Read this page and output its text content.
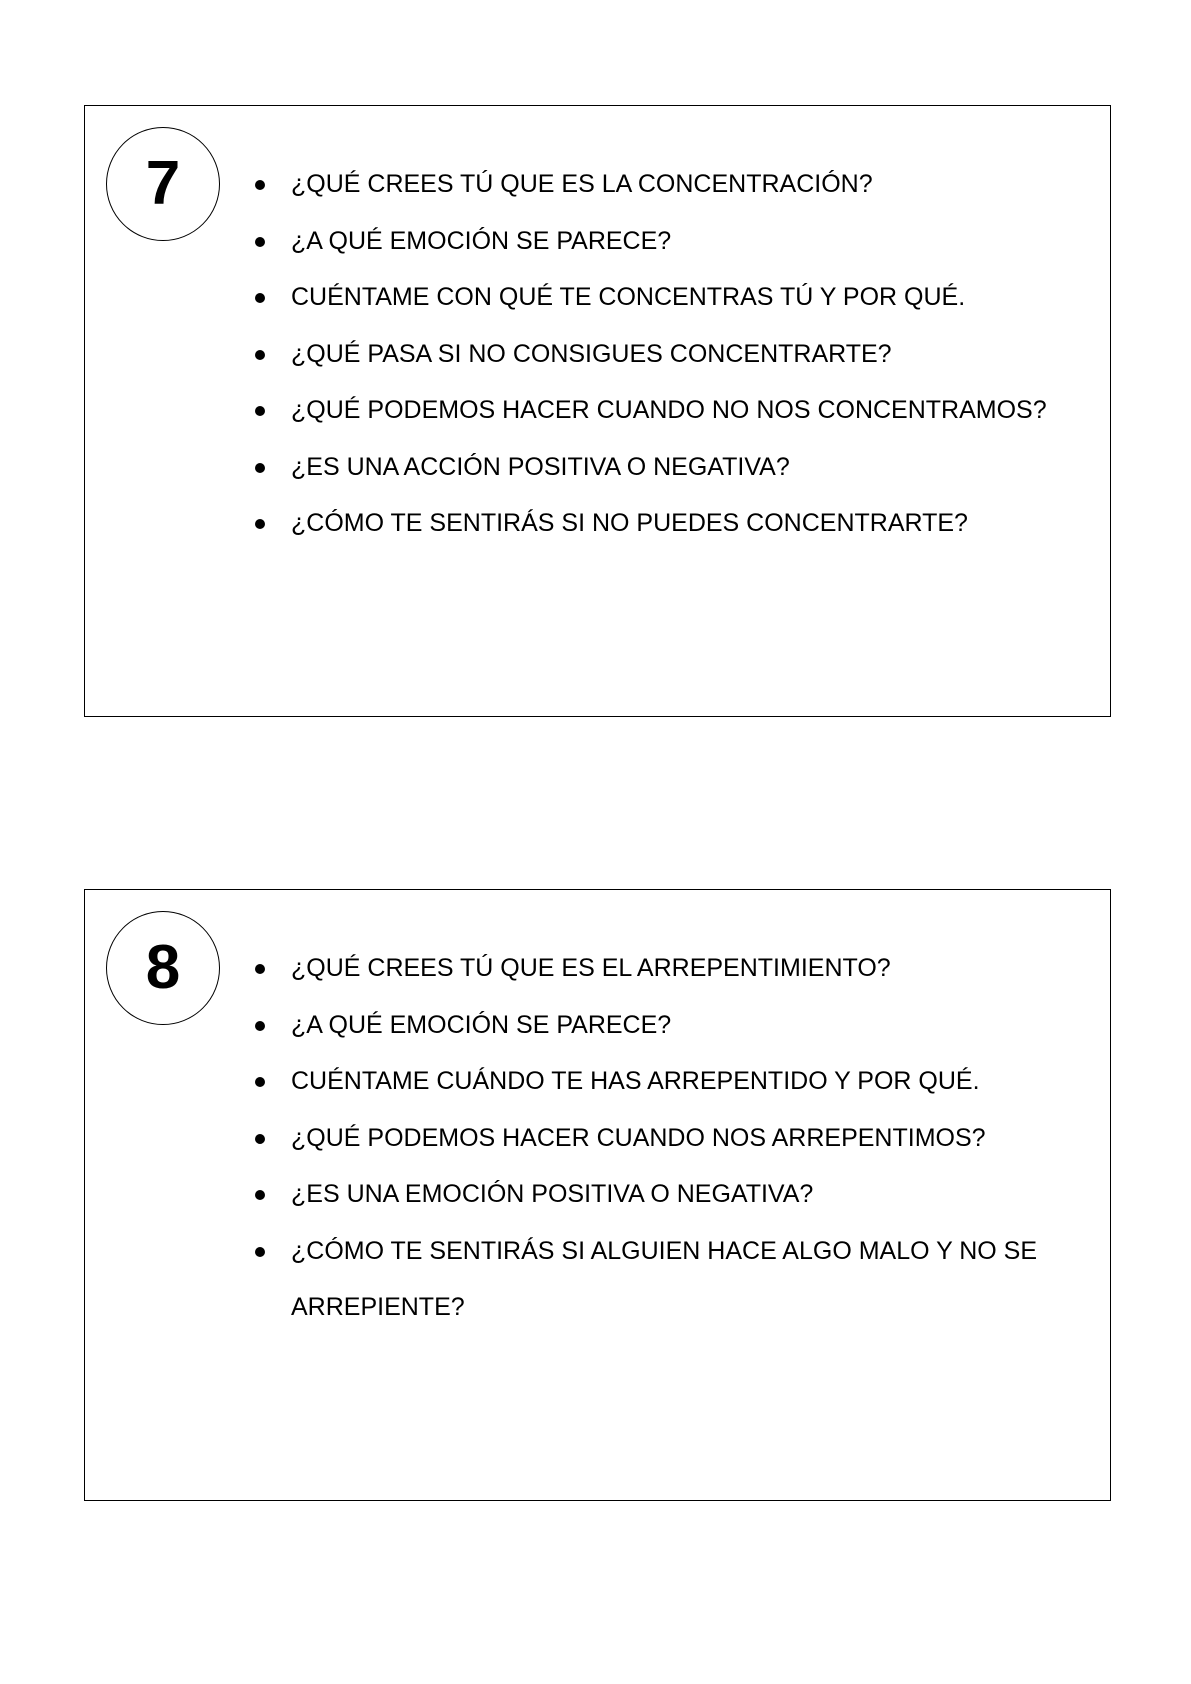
7	¿QUÉ CREES TÚ QUE ES LA CONCENTRACIÓN?
¿A QUÉ EMOCIÓN SE PARECE?
CUÉNTAME CON QUÉ TE CONCENTRAS TÚ Y POR QUÉ.
¿QUÉ PASA SI NO CONSIGUES CONCENTRARTE?
¿QUÉ PODEMOS HACER CUANDO NO NOS CONCENTRAMOS?
¿ES UNA ACCIÓN POSITIVA O NEGATIVA?
¿CÓMO TE SENTIRÁS SI NO PUEDES CONCENTRARTE?
8	¿QUÉ CREES TÚ QUE ES EL ARREPENTIMIENTO?
¿A QUÉ EMOCIÓN SE PARECE?
CUÉNTAME CUÁNDO TE HAS ARREPENTIDO Y POR QUÉ.
¿QUÉ PODEMOS HACER CUANDO NOS ARREPENTIMOS?
¿ES UNA EMOCIÓN POSITIVA O NEGATIVA?
¿CÓMO TE SENTIRÁS SI ALGUIEN HACE ALGO MALO Y NO SE ARREPIENTE?
